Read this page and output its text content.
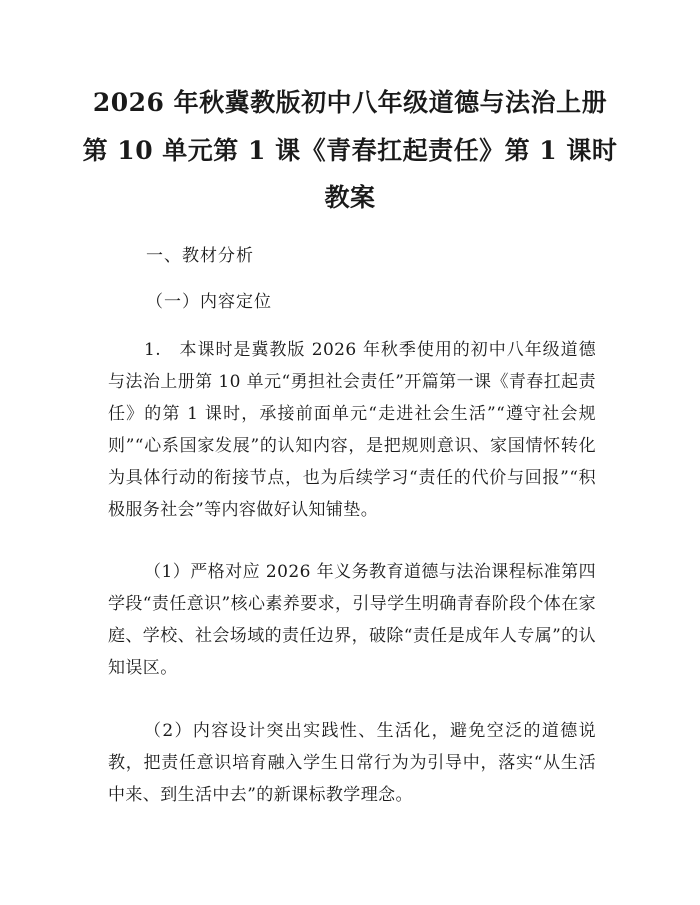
2026 年秋冀教版初中八年级道德与法治上册
第 10 单元第 1 课《青春扛起责任》第 1 课时
教案
一、教材分析
（一）内容定位
1.　本课时是冀教版 2026 年秋季使用的初中八年级道德与法治上册第 10 单元“勇担社会责任”开篇第一课《青春扛起责任》的第 1 课时，承接前面单元“走进社会生活”“遵守社会规则”“心系国家发展”的认知内容，是把规则意识、家国情怀转化为具体行动的衔接节点，也为后续学习“责任的代价与回报”“积极服务社会”等内容做好认知铺垫。
（1）严格对应 2026 年义务教育道德与法治课程标准第四学段“责任意识”核心素养要求，引导学生明确青春阶段个体在家庭、学校、社会场域的责任边界，破除“责任是成年人专属”的认知误区。
（2）内容设计突出实践性、生活化，避免空泛的道德说教，把责任意识培育融入学生日常行为为引导中，落实“从生活中来、到生活中去”的新课标教学理念。
